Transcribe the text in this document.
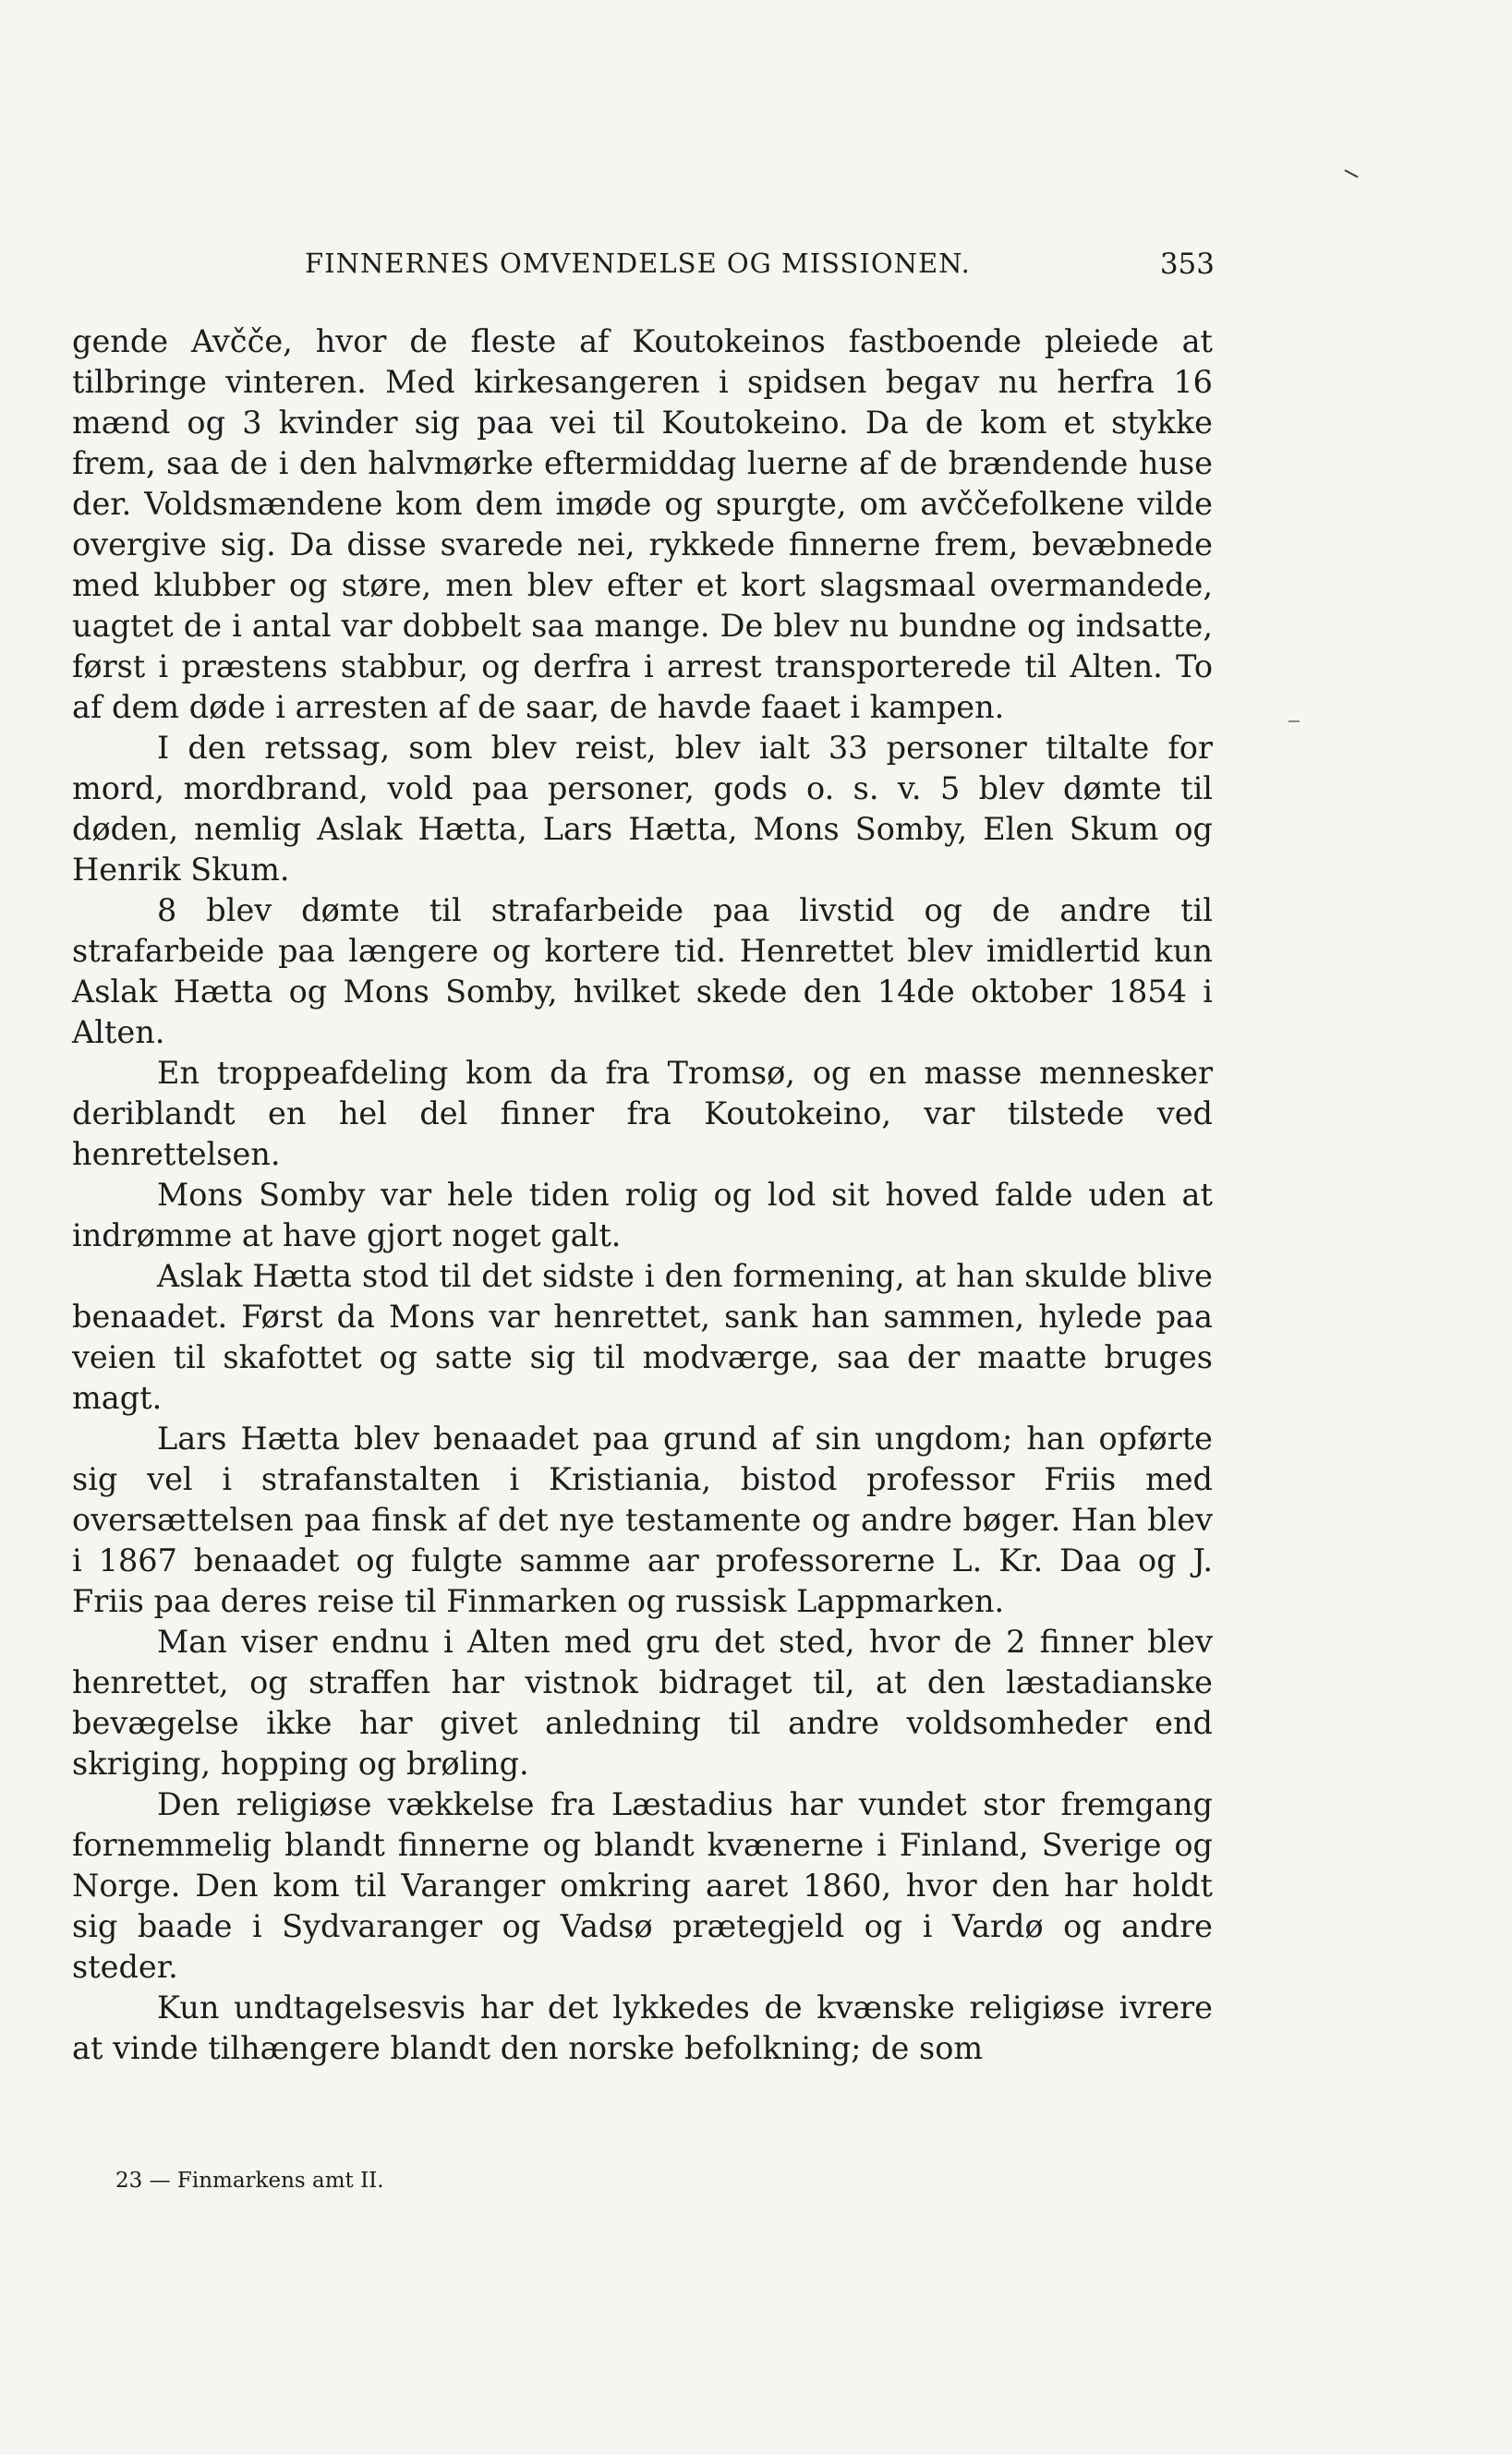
FINNERNES OMVENDELSE OG MISSIONEN.	353

gende Avčče, hvor de fleste af Koutokeinos fastboende pleiede at tilbringe vinteren. Med kirkesangeren i spidsen begav nu herfra 16 mænd og 3 kvinder sig paa vei til Koutokeino. Da de kom et stykke frem, saa de i den halvmørke eftermiddag luerne af de brændende huse der. Voldsmændene kom dem imøde og spurgte, om avččefolkene vilde overgive sig. Da disse svarede nei, rykkede finnerne frem, bevæbnede med klubber og støre, men blev efter et kort slagsmaal overmandede, uagtet de i antal var dobbelt saa mange. De blev nu bundne og indsatte, først i præstens stabbur, og derfra i arrest transporterede til Alten. To af dem døde i arresten af de saar, de havde faaet i kampen.

I den retssag, som blev reist, blev ialt 33 personer tiltalte for mord, mordbrand, vold paa personer, gods o. s. v. 5 blev dømte til døden, nemlig Aslak Hætta, Lars Hætta, Mons Somby, Elen Skum og Henrik Skum.

8 blev dømte til strafarbeide paa livstid og de andre til strafarbeide paa længere og kortere tid. Henrettet blev imidlertid kun Aslak Hætta og Mons Somby, hvilket skede den 14de oktober 1854 i Alten.

En troppeafdeling kom da fra Tromsø, og en masse mennesker deriblandt en hel del finner fra Koutokeino, var tilstede ved henrettelsen.

Mons Somby var hele tiden rolig og lod sit hoved falde uden at indrømme at have gjort noget galt.

Aslak Hætta stod til det sidste i den formening, at han skulde blive benaadet. Først da Mons var henrettet, sank han sammen, hylede paa veien til skafottet og satte sig til modværge, saa der maatte bruges magt.

Lars Hætta blev benaadet paa grund af sin ungdom; han opførte sig vel i strafanstalten i Kristiania, bistod professor Friis med oversættelsen paa finsk af det nye testamente og andre bøger. Han blev i 1867 benaadet og fulgte samme aar professorerne L. Kr. Daa og J. Friis paa deres reise til Finmarken og russisk Lappmarken.

Man viser endnu i Alten med gru det sted, hvor de 2 finner blev henrettet, og straffen har vistnok bidraget til, at den læstadianske bevægelse ikke har givet anledning til andre voldsomheder end skriging, hopping og brøling.

Den religiøse vækkelse fra Læstadius har vundet stor fremgang fornemmelig blandt finnerne og blandt kvænerne i Finland, Sverige og Norge. Den kom til Varanger omkring aaret 1860, hvor den har holdt sig baade i Sydvaranger og Vadsø prætegjeld og i Vardø og andre steder.

Kun undtagelsesvis har det lykkedes de kvænske religiøse ivrere at vinde tilhængere blandt den norske befolkning; de som

23 — Finmarkens amt II.
